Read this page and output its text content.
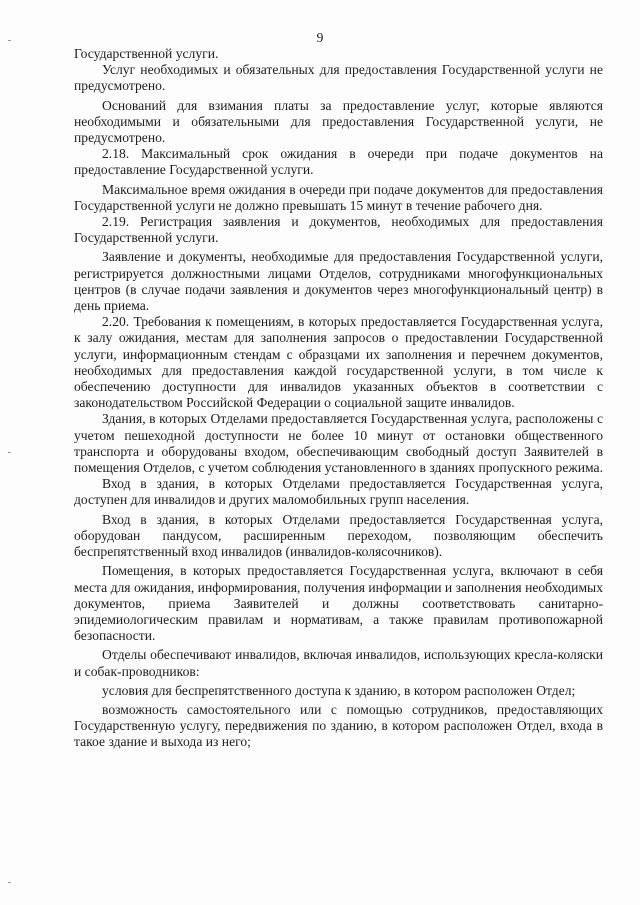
9

Государственной услуги.

Услуг необходимых и обязательных для предоставления Государственной услуги не предусмотрено.

Оснований для взимания платы за предоставление услуг, которые являются необходимыми и обязательными для предоставления Государственной услуги, не предусмотрено.

2.18. Максимальный срок ожидания в очереди при подаче документов на предоставление Государственной услуги.

Максимальное время ожидания в очереди при подаче документов для предоставления Государственной услуги не должно превышать 15 минут в течение рабочего дня.

2.19. Регистрация заявления и документов, необходимых для предоставления Государственной услуги.

Заявление и документы, необходимые для предоставления Государственной услуги, регистрируется должностными лицами Отделов, сотрудниками многофункциональных центров (в случае подачи заявления и документов через многофункциональный центр) в день приема.

2.20. Требования к помещениям, в которых предоставляется Государственная услуга, к залу ожидания, местам для заполнения запросов о предоставлении Государственной услуги, информационным стендам с образцами их заполнения и перечнем документов, необходимых для предоставления каждой государственной услуги, в том числе к обеспечению доступности для инвалидов указанных объектов в соответствии с законодательством Российской Федерации о социальной защите инвалидов.

Здания, в которых Отделами предоставляется Государственная услуга, расположены с учетом пешеходной доступности не более 10 минут от остановки общественного транспорта и оборудованы входом, обеспечивающим свободный доступ Заявителей в помещения Отделов, с учетом соблюдения установленного в зданиях пропускного режима.

Вход в здания, в которых Отделами предоставляется Государственная услуга, доступен для инвалидов и других маломобильных групп населения.

Вход в здания, в которых Отделами предоставляется Государственная услуга, оборудован пандусом, расширенным переходом, позволяющим обеспечить беспрепятственный вход инвалидов (инвалидов-колясочников).

Помещения, в которых предоставляется Государственная услуга, включают в себя места для ожидания, информирования, получения информации и заполнения необходимых документов, приема Заявителей и должны соответствовать санитарно-эпидемиологическим правилам и нормативам, а также правилам противопожарной безопасности.

Отделы обеспечивают инвалидов, включая инвалидов, использующих кресла-коляски и собак-проводников:

условия для беспрепятственного доступа к зданию, в котором расположен Отдел;

возможность самостоятельного или с помощью сотрудников, предоставляющих Государственную услугу, передвижения по зданию, в котором расположен Отдел, входа в такое здание и выхода из него;
